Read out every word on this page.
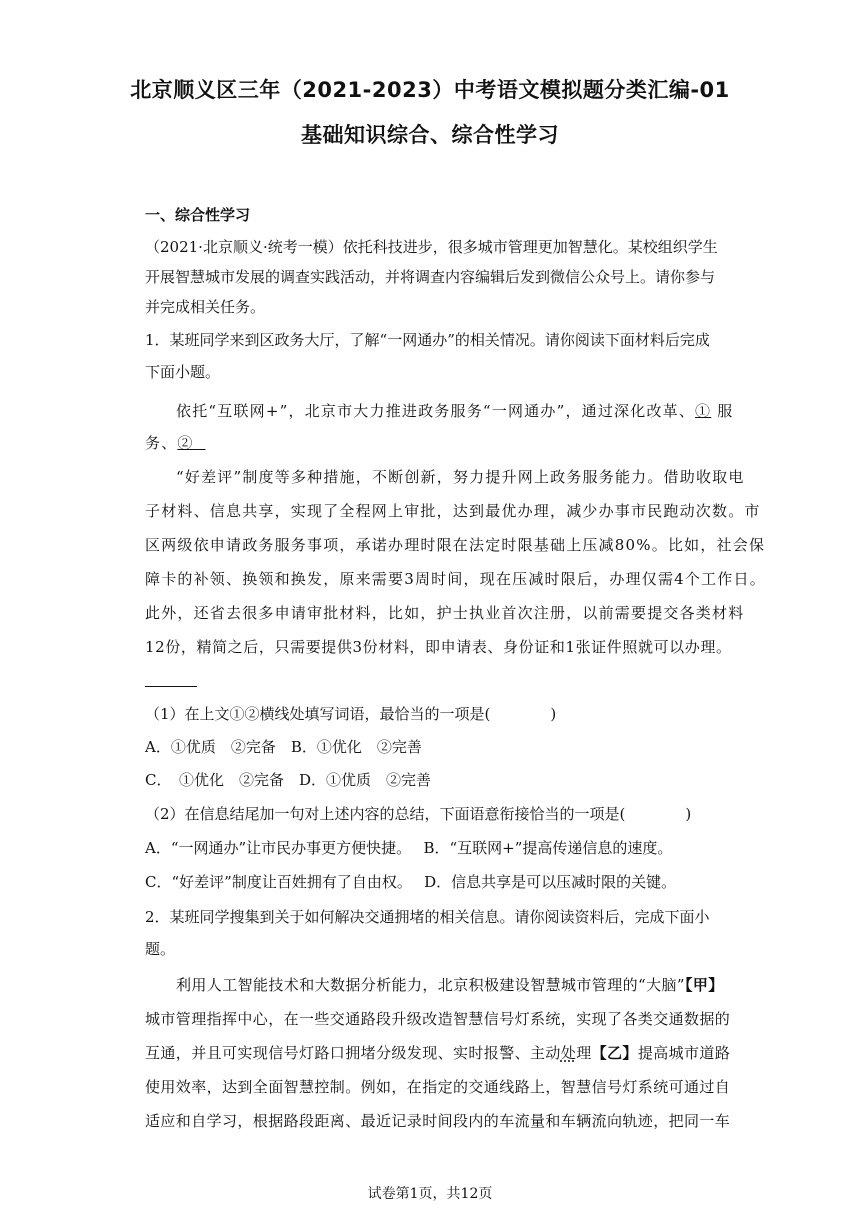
北京顺义区三年（2021-2023）中考语文模拟题分类汇编-01
基础知识综合、综合性学习
一、综合性学习
（2021·北京顺义·统考一模）依托科技进步，很多城市管理更加智慧化。某校组织学生
开展智慧城市发展的调查实践活动，并将调查内容编辑后发到微信公众号上。请你参与
并完成相关任务。
1．某班同学来到区政务大厅，了解“一网通办”的相关情况。请你阅读下面材料后完成
下面小题。
依托“互联网+”，北京市大力推进政务服务“一网通办”，通过深化改革、① 服
务、②
“好差评”制度等多种措施，不断创新，努力提升网上政务服务能力。借助收取电
子材料、信息共享，实现了全程网上审批，达到最优办理，减少办事市民跑动次数。市
区两级依申请政务服务事项，承诺办理时限在法定时限基础上压减80%。比如，社会保
障卡的补领、换领和换发，原来需要3周时间，现在压减时限后，办理仅需4个工作日。
此外，还省去很多申请审批材料，比如，护士执业首次注册，以前需要提交各类材料
12份，精简之后，只需要提供3份材料，即申请表、身份证和1张证件照就可以办理。
（1）在上文①②横线处填写词语，最恰当的一项是(　　　　)
A．①优质　②完备　B．①优化　②完善
C．　①优化　②完备　D．①优质　②完善
（2）在信息结尾加一句对上述内容的总结，下面语意衔接恰当的一项是(　　　　)
A．“一网通办”让市民办事更方便快捷。　 B．“互联网+”提高传递信息的速度。
C．“好差评”制度让百姓拥有了自由权。　 D．信息共享是可以压减时限的关键。
2．某班同学搜集到关于如何解决交通拥堵的相关信息。请你阅读资料后，完成下面小
题。
利用人工智能技术和大数据分析能力，北京积极建设智慧城市管理的“大脑”【甲】
城市管理指挥中心，在一些交通路段升级改造智慧信号灯系统，实现了各类交通数据的
互通，并且可实现信号灯路口拥堵分级发现、实时报警、主动处理【乙】提高城市道路
使用效率，达到全面智慧控制。例如，在指定的交通线路上，智慧信号灯系统可通过自
适应和自学习，根据路段距离、最近记录时间段内的车流量和车辆流向轨迹，把同一车
试卷第1页，共12页
